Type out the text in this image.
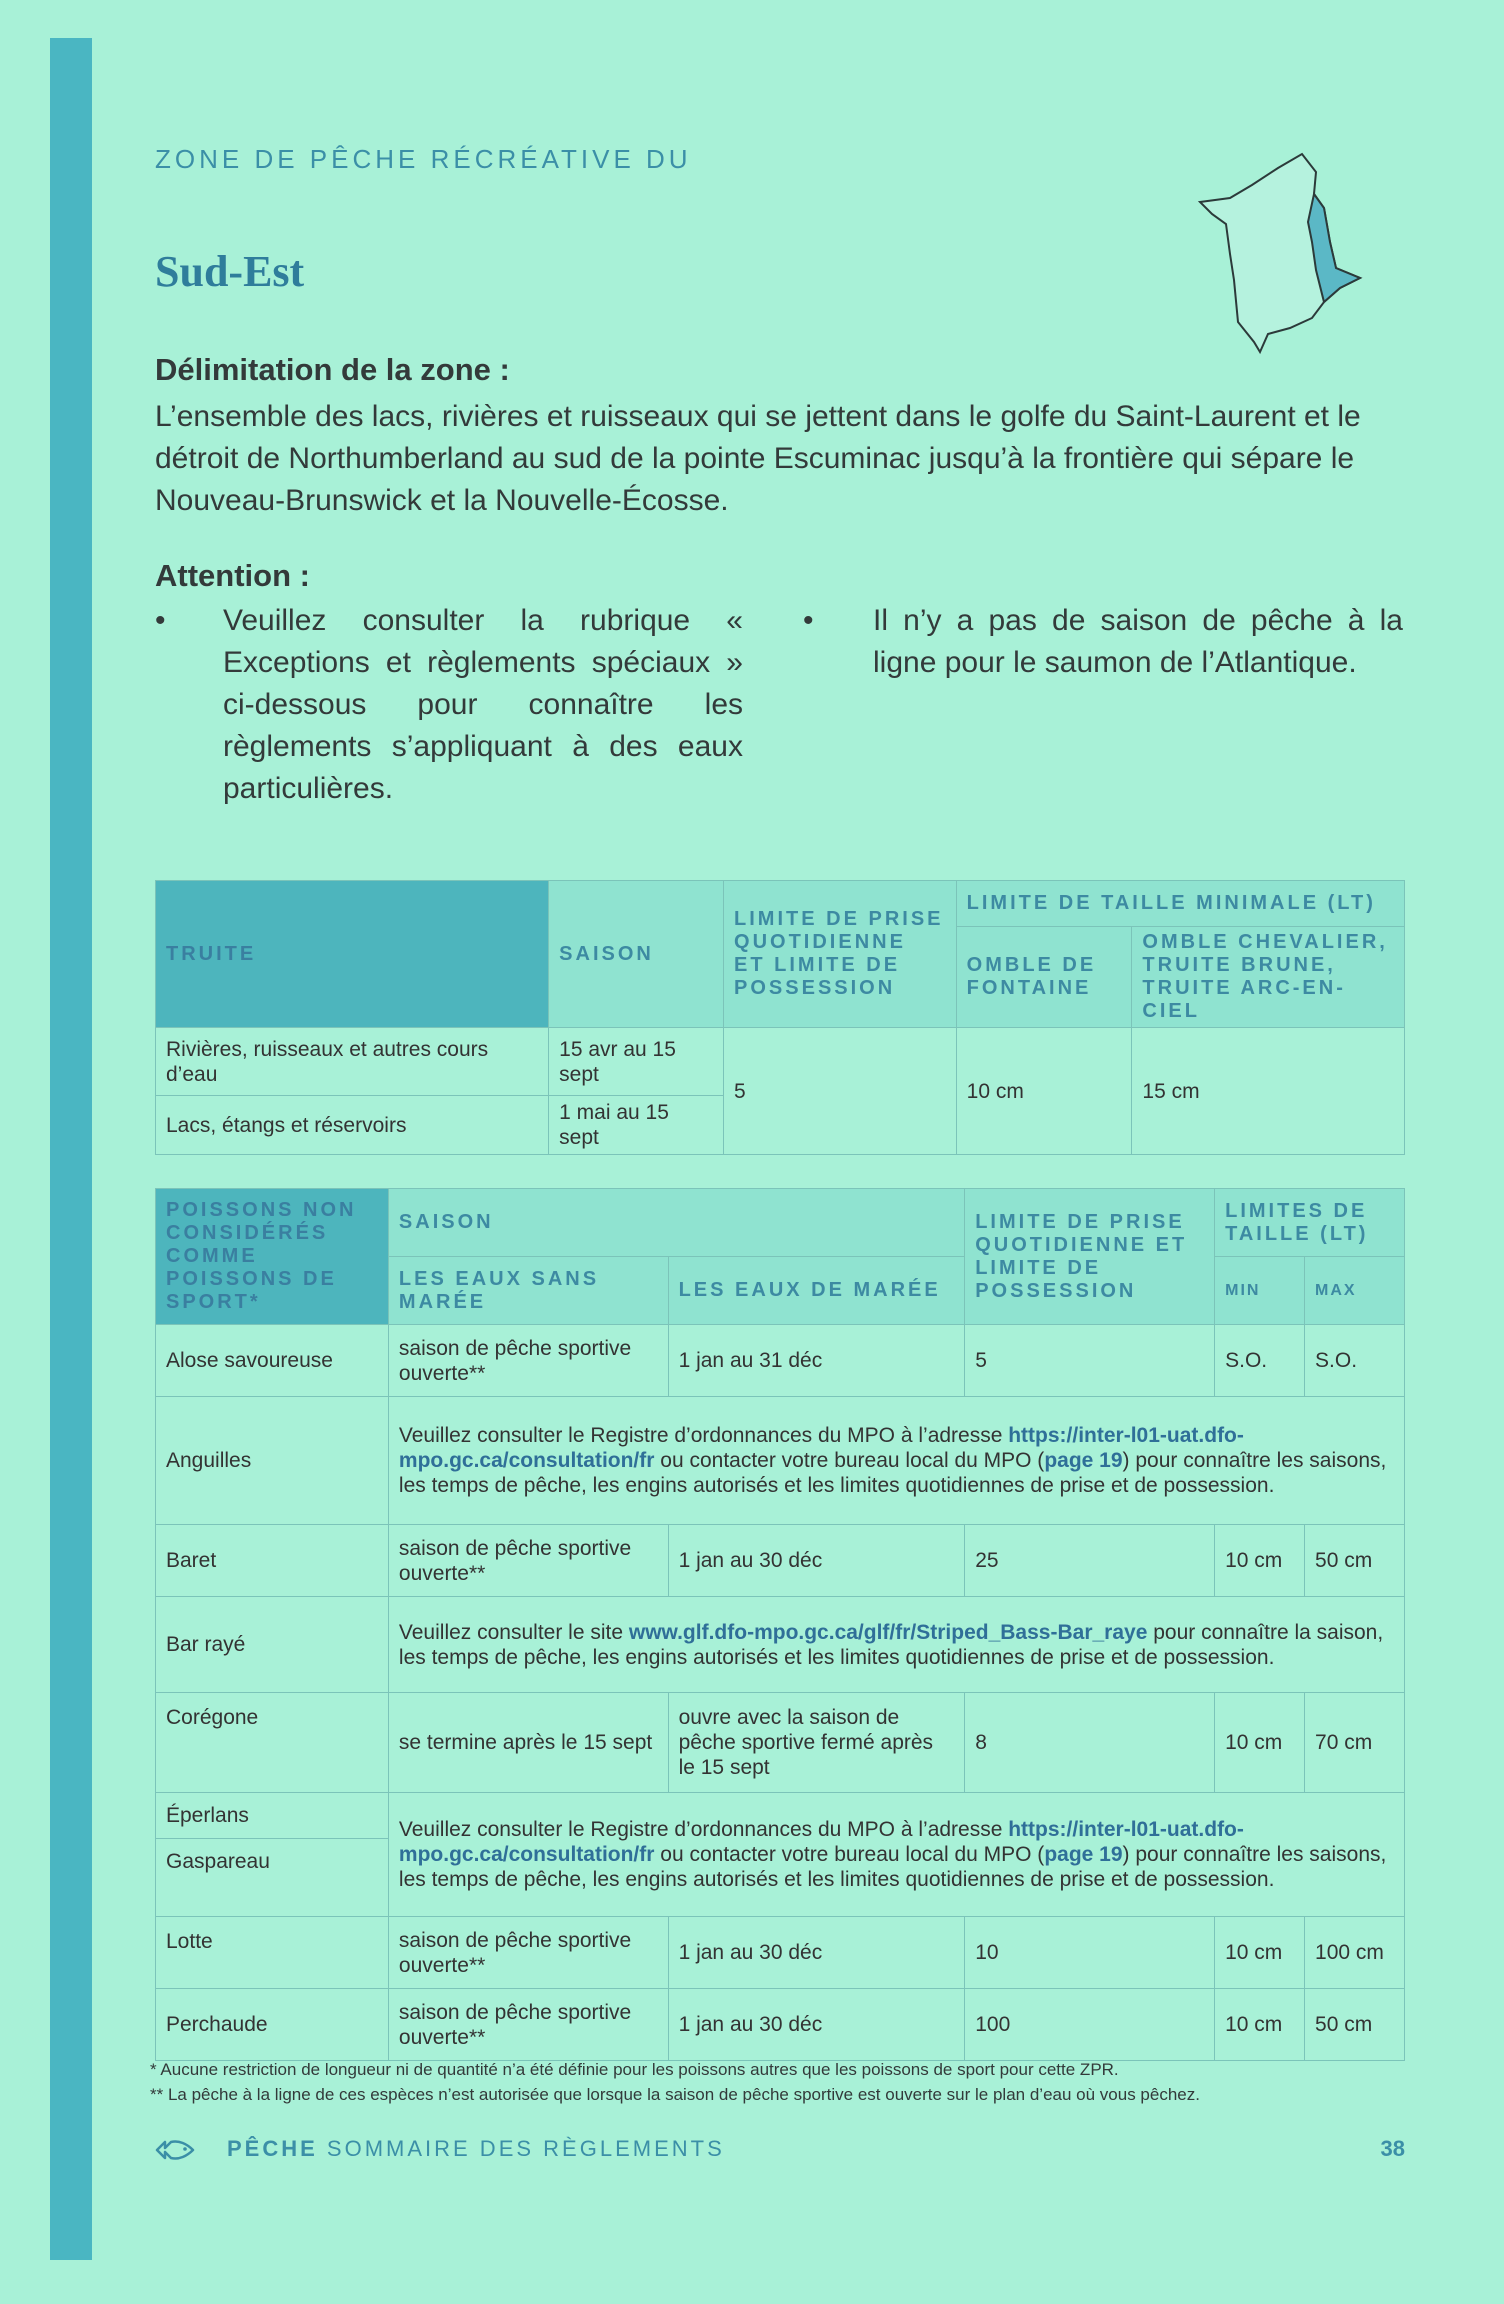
ZONE DE PÊCHE RÉCRÉATIVE DU
Sud-Est
Délimitation de la zone :
L’ensemble des lacs, rivières et ruisseaux qui se jettent dans le golfe du Saint-Laurent et le détroit de Northumberland au sud de la pointe Escuminac jusqu’à la frontière qui sépare le Nouveau-Brunswick et la Nouvelle-Écosse.
Attention :
•	Veuillez consulter la rubrique « Exceptions et règlements spéciaux » ci-dessous pour connaître les règlements s’appliquant à des eaux particulières.
•	Il n’y a pas de saison de pêche à la ligne pour le saumon de l’Atlantique.
TRUITE	SAISON	LIMITE DE PRISE QUOTIDIENNE ET LIMITE DE POSSESSION	LIMITE DE TAILLE MINIMALE (LT)	
			OMBLE DE FONTAINE	OMBLE CHEVALIER, TRUITE BRUNE, TRUITE ARC-EN-CIEL
Rivières, ruisseaux et autres cours d’eau	15 avr au 15 sept	5	10 cm	15 cm
Lacs, étangs et réservoirs	1 mai au 15 sept			
POISSONS NON CONSIDÉRÉS COMME POISSONS DE SPORT*	SAISON		LIMITE DE PRISE QUOTIDIENNE ET LIMITE DE POSSESSION	LIMITES DE TAILLE (LT)	
	LES EAUX SANS MARÉE	LES EAUX DE MARÉE		MIN	MAX
Alose savoureuse	saison de pêche sportive ouverte**	1 jan au 31 déc	5	S.O.	S.O.
Anguilles	Veuillez consulter le Registre d’ordonnances du MPO à l’adresse https://inter-l01-uat.dfo-mpo.gc.ca/consultation/fr ou contacter votre bureau local du MPO (page 19) pour connaître les saisons, les temps de pêche, les engins autorisés et les limites quotidiennes de prise et de possession.				
Baret	saison de pêche sportive ouverte**	1 jan au 30 déc	25	10 cm	50 cm
Bar rayé	Veuillez consulter le site www.glf.dfo-mpo.gc.ca/glf/fr/Striped_Bass-Bar_raye pour connaître la saison, les temps de pêche, les engins autorisés et les limites quotidiennes de prise et de possession.				
Corégone	se termine après le 15 sept	ouvre avec la saison de pêche sportive fermé après le 15 sept	8	10 cm	70 cm
Éperlans	Veuillez consulter le Registre d’ordonnances du MPO à l’adresse https://inter-l01-uat.dfo-mpo.gc.ca/consultation/fr ou contacter votre bureau local du MPO (page 19) pour connaître les saisons, les temps de pêche, les engins autorisés et les limites quotidiennes de prise et de possession.				
Gaspareau					
Lotte	saison de pêche sportive ouverte**	1 jan au 30 déc	10	10 cm	100 cm
Perchaude	saison de pêche sportive ouverte**	1 jan au 30 déc	100	10 cm	50 cm
* Aucune restriction de longueur ni de quantité n’a été définie pour les poissons autres que les poissons de sport pour cette ZPR.
** La pêche à la ligne de ces espèces n’est autorisée que lorsque la saison de pêche sportive est ouverte sur le plan d’eau où vous pêchez.
PÊCHE SOMMAIRE DES RÈGLEMENTS	38
